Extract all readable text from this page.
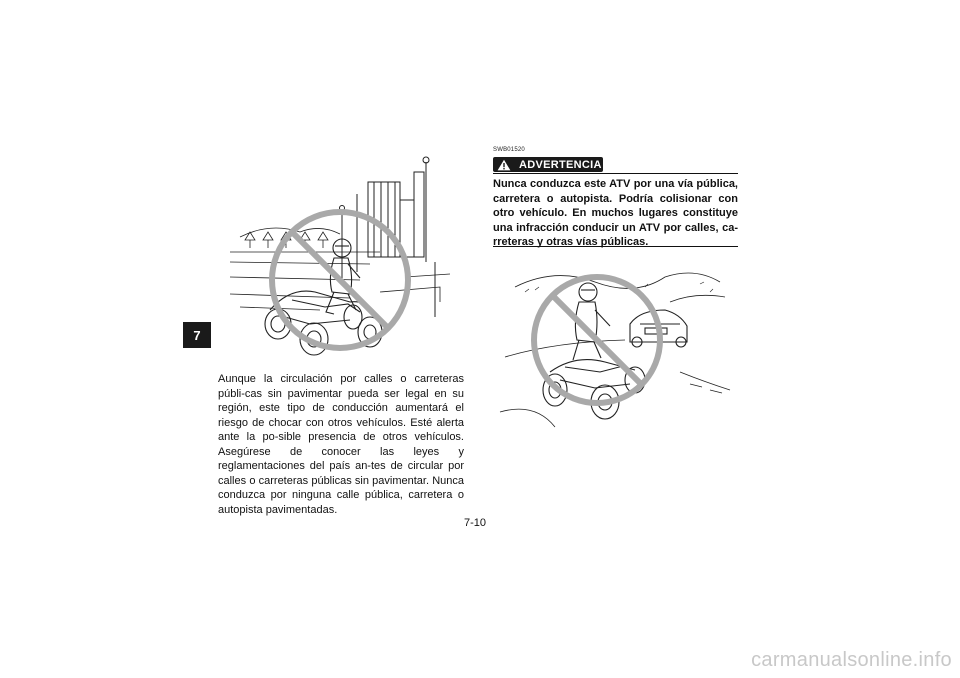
7

Aunque la circulación por calles o carreteras públi-cas sin pavimentar pueda ser legal en su región, este tipo de conducción aumentará el riesgo de chocar con otros vehículos. Esté alerta ante la po-sible presencia de otros vehículos. Asegúrese de conocer las leyes y reglamentaciones del país an-tes de circular por calles o carreteras públicas sin pavimentar. Nunca conduzca por ninguna calle pública, carretera o autopista pavimentadas.

SWB01520
ADVERTENCIA

Nunca conduzca este ATV por una vía pública, carretera o autopista. Podría colisionar con otro vehículo. En muchos lugares constituye una infracción conducir un ATV por calles, ca-rreteras y otras vías públicas.

7-10
carmanualsonline.info
